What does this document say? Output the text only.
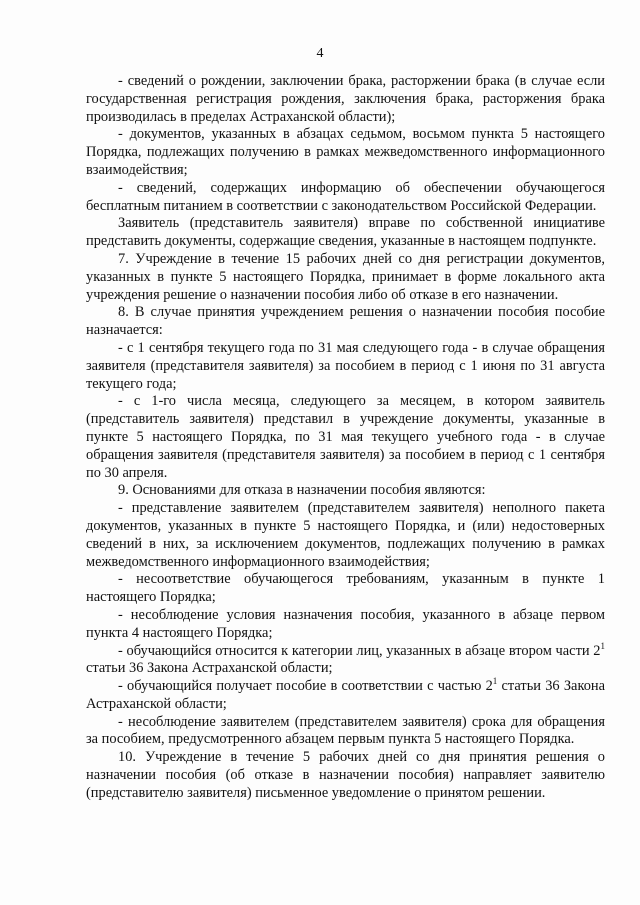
4

- сведений о рождении, заключении брака, расторжении брака (в случае если государственная регистрация рождения, заключения брака, расторжения брака производилась в пределах Астраханской области);

- документов, указанных в абзацах седьмом, восьмом пункта 5 настоящего Порядка, подлежащих получению в рамках межведомственного информационного взаимодействия;

- сведений, содержащих информацию об обеспечении обучающегося бесплатным питанием в соответствии с законодательством Российской Федерации.

Заявитель (представитель заявителя) вправе по собственной инициативе представить документы, содержащие сведения, указанные в настоящем подпункте.

7. Учреждение в течение 15 рабочих дней со дня регистрации документов, указанных в пункте 5 настоящего Порядка, принимает в форме локального акта учреждения решение о назначении пособия либо об отказе в его назначении.

8. В случае принятия учреждением решения о назначении пособия пособие назначается:

- с 1 сентября текущего года по 31 мая следующего года - в случае обращения заявителя (представителя заявителя) за пособием в период с 1 июня по 31 августа текущего года;

- с 1-го числа месяца, следующего за месяцем, в котором заявитель (представитель заявителя) представил в учреждение документы, указанные в пункте 5 настоящего Порядка, по 31 мая текущего учебного года - в случае обращения заявителя (представителя заявителя) за пособием в период с 1 сентября по 30 апреля.

9. Основаниями для отказа в назначении пособия являются:

- представление заявителем (представителем заявителя) неполного пакета документов, указанных в пункте 5 настоящего Порядка, и (или) недостоверных сведений в них, за исключением документов, подлежащих получению в рамках межведомственного информационного взаимодействия;

- несоответствие обучающегося требованиям, указанным в пункте 1 настоящего Порядка;

- несоблюдение условия назначения пособия, указанного в абзаце первом пункта 4 настоящего Порядка;

- обучающийся относится к категории лиц, указанных в абзаце втором части $2^1$ статьи 36 Закона Астраханской области;

- обучающийся получает пособие в соответствии с частью $2^1$ статьи 36 Закона Астраханской области;

- несоблюдение заявителем (представителем заявителя) срока для обращения за пособием, предусмотренного абзацем первым пункта 5 настоящего Порядка.

10. Учреждение в течение 5 рабочих дней со дня принятия решения о назначении пособия (об отказе в назначении пособия) направляет заявителю (представителю заявителя) письменное уведомление о принятом решении.
